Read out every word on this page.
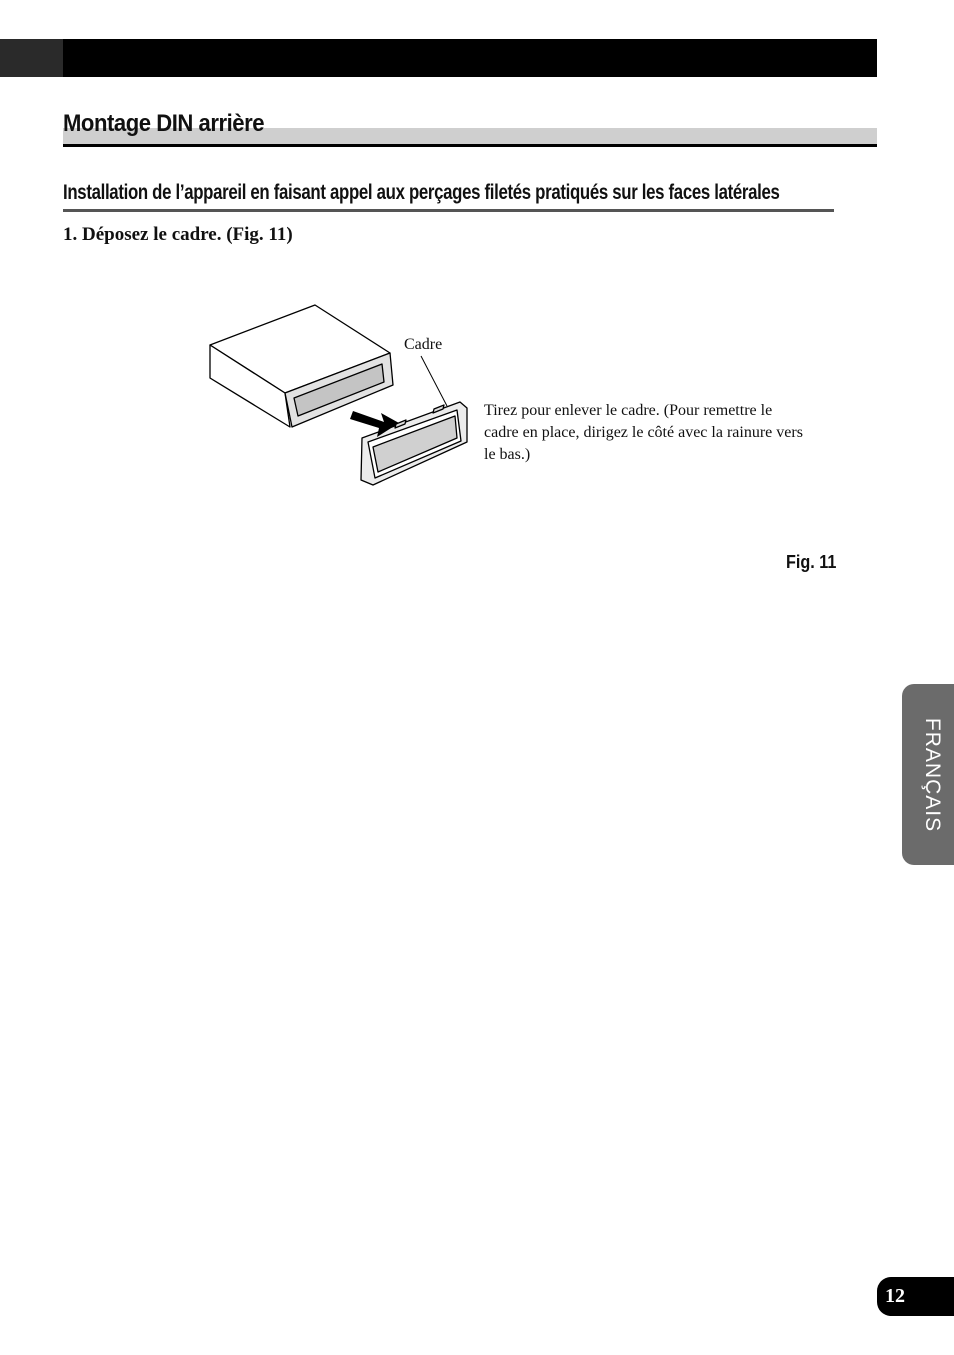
Montage DIN arrière
Installation de l’appareil en faisant appel aux perçages filetés pratiqués sur les faces latérales
1. Déposez le cadre. (Fig. 11)
Cadre
Tirez pour enlever le cadre. (Pour remettre le cadre en place, dirigez le côté avec la rainure vers le bas.)
Fig. 11
FRANÇAIS
12
